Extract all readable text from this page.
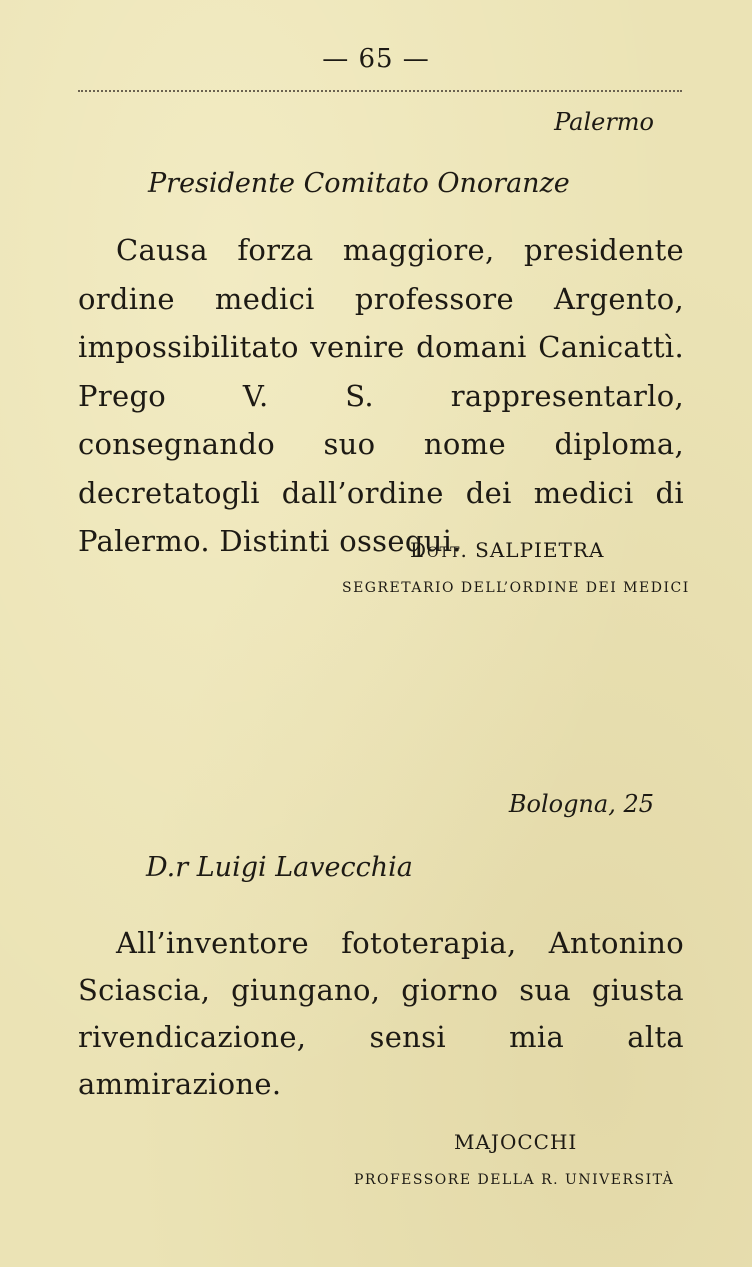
— 65 —
Palermo
Presidente Comitato Onoranze

Causa forza maggiore, presidente ordine medici professore Argento, impossibilitato venire domani Canicattì. Prego V. S. rappresentarlo, consegnando suo nome diploma, decretatogli dall’ordine dei medici di Palermo. Distinti ossequi.

Dott. SALPIETRA
SEGRETARIO DELL’ORDINE DEI MEDICI
Bologna, 25
D.r Luigi Lavecchia

All’inventore fototerapia, Antonino Sciascia, giungano, giorno sua giusta rivendicazione, sensi mia alta ammirazione.

MAJOCCHI
PROFESSORE DELLA R. UNIVERSITÀ
